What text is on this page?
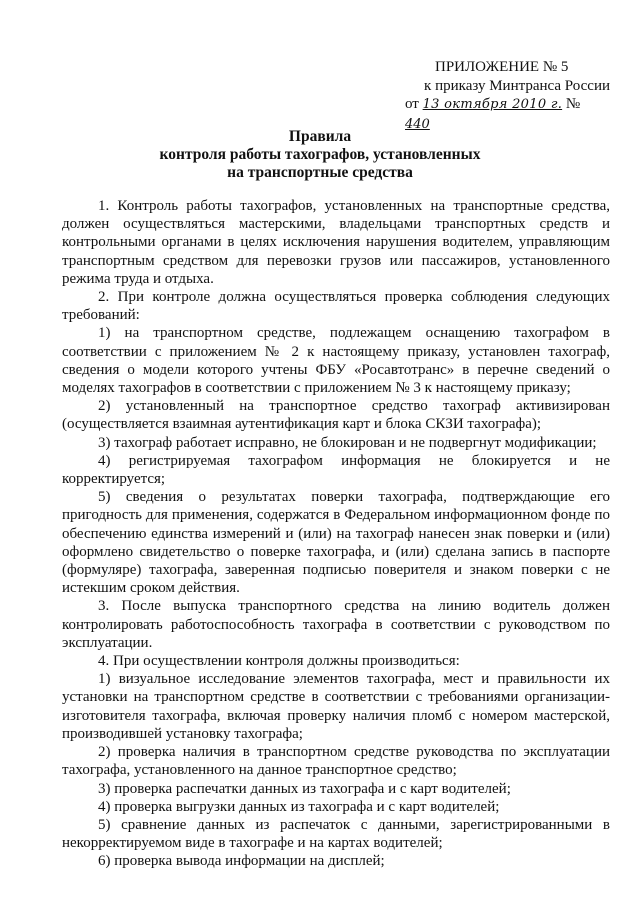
ПРИЛОЖЕНИЕ № 5
к приказу Минтранса России
от 13 октября 2010 г. № 440
Правила
контроля работы тахографов, установленных
на транспортные средства

1. Контроль работы тахографов, установленных на транспортные средства, должен осуществляться мастерскими, владельцами транспортных средств и контрольными органами в целях исключения нарушения водителем, управляющим транспортным средством для перевозки грузов или пассажиров, установленного режима труда и отдыха.

2. При контроле должна осуществляться проверка соблюдения следующих требований:

1) на транспортном средстве, подлежащем оснащению тахографом в соответствии с приложением № 2 к настоящему приказу, установлен тахограф, сведения о модели которого учтены ФБУ «Росавтотранс» в перечне сведений о моделях тахографов в соответствии с приложением № 3 к настоящему приказу;

2) установленный на транспортное средство тахограф активизирован (осуществляется взаимная аутентификация карт и блока СКЗИ тахографа);

3) тахограф работает исправно, не блокирован и не подвергнут модификации;

4) регистрируемая тахографом информация не блокируется и не корректируется;

5) сведения о результатах поверки тахографа, подтверждающие его пригодность для применения, содержатся в Федеральном информационном фонде по обеспечению единства измерений и (или) на тахограф нанесен знак поверки и (или) оформлено свидетельство о поверке тахографа, и (или) сделана запись в паспорте (формуляре) тахографа, заверенная подписью поверителя и знаком поверки с не истекшим сроком действия.

3. После выпуска транспортного средства на линию водитель должен контролировать работоспособность тахографа в соответствии с руководством по эксплуатации.

4. При осуществлении контроля должны производиться:

1) визуальное исследование элементов тахографа, мест и правильности их установки на транспортном средстве в соответствии с требованиями организации-изготовителя тахографа, включая проверку наличия пломб с номером мастерской, производившей установку тахографа;

2) проверка наличия в транспортном средстве руководства по эксплуатации тахографа, установленного на данное транспортное средство;

3) проверка распечатки данных из тахографа и с карт водителей;

4) проверка выгрузки данных из тахографа и с карт водителей;

5) сравнение данных из распечаток с данными, зарегистрированными в некорректируемом виде в тахографе и на картах водителей;

6) проверка вывода информации на дисплей;
